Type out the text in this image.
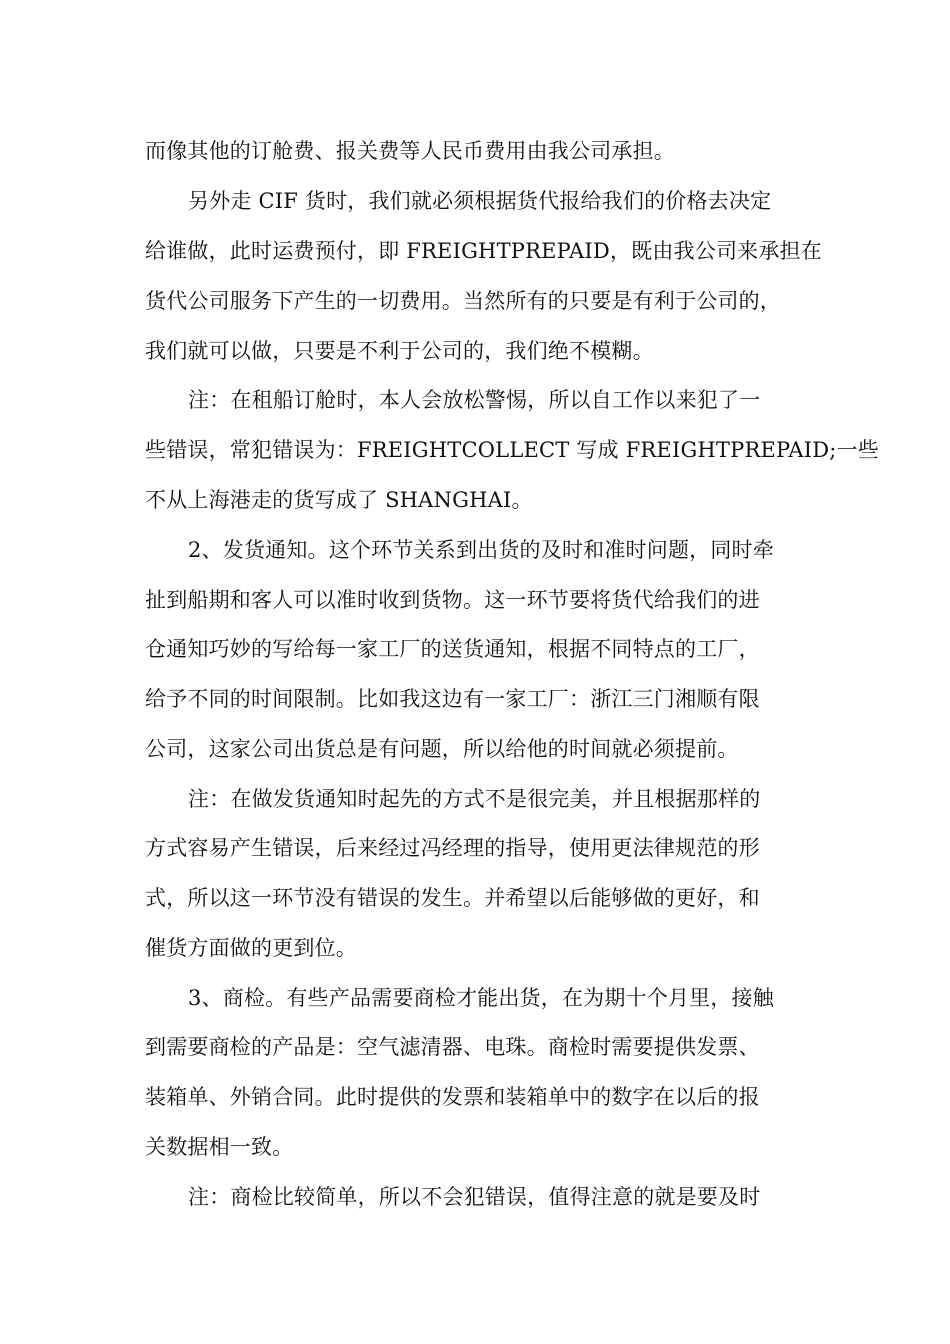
而像其他的订舱费、报关费等人民币费用由我公司承担。
另外走 CIF 货时，我们就必须根据货代报给我们的价格去决定
给谁做，此时运费预付，即 FREIGHTPREPAID，既由我公司来承担在
货代公司服务下产生的一切费用。当然所有的只要是有利于公司的，
我们就可以做，只要是不利于公司的，我们绝不模糊。
注：在租船订舱时，本人会放松警惕，所以自工作以来犯了一
些错误，常犯错误为：FREIGHTCOLLECT 写成 FREIGHTPREPAID;一些
不从上海港走的货写成了 SHANGHAI。
2、发货通知。这个环节关系到出货的及时和准时问题，同时牵
扯到船期和客人可以准时收到货物。这一环节要将货代给我们的进
仓通知巧妙的写给每一家工厂的送货通知，根据不同特点的工厂，
给予不同的时间限制。比如我这边有一家工厂：浙江三门湘顺有限
公司，这家公司出货总是有问题，所以给他的时间就必须提前。
注：在做发货通知时起先的方式不是很完美，并且根据那样的
方式容易产生错误，后来经过冯经理的指导，使用更法律规范的形
式，所以这一环节没有错误的发生。并希望以后能够做的更好，和
催货方面做的更到位。
3、商检。有些产品需要商检才能出货，在为期十个月里，接触
到需要商检的产品是：空气滤清器、电珠。商检时需要提供发票、
装箱单、外销合同。此时提供的发票和装箱单中的数字在以后的报
关数据相一致。
注：商检比较简单，所以不会犯错误，值得注意的就是要及时
